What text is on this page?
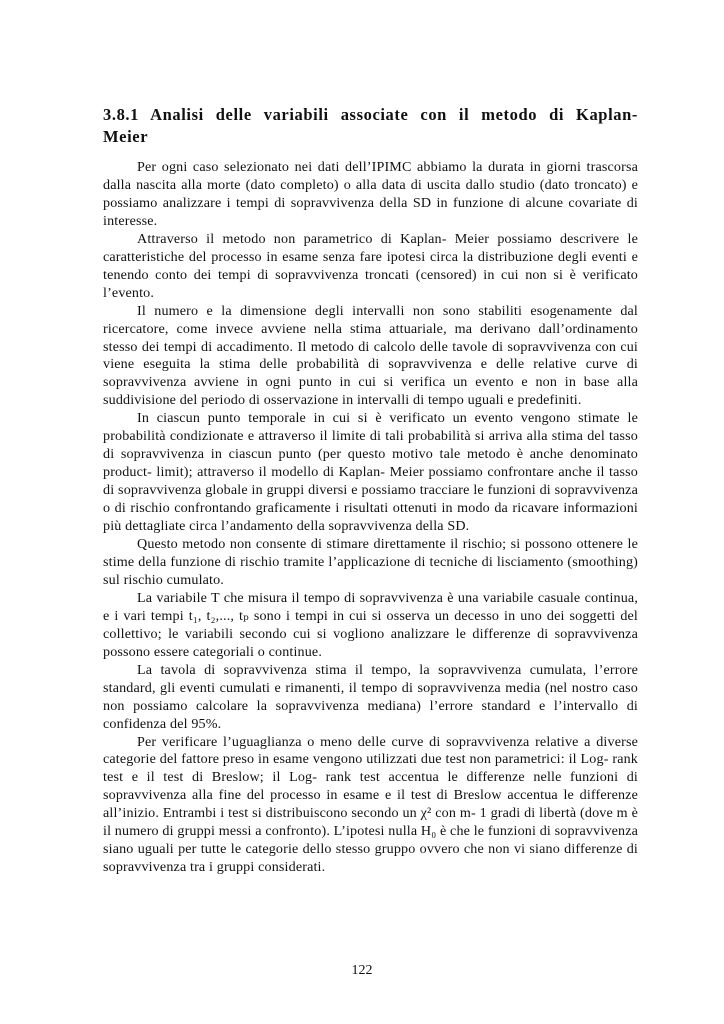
3.8.1 Analisi delle variabili associate con il metodo di Kaplan-Meier

Per ogni caso selezionato nei dati dell’IPIMC abbiamo la durata in giorni trascorsa dalla nascita alla morte (dato completo) o alla data di uscita dallo studio (dato troncato) e possiamo analizzare i tempi di sopravvivenza della SD in funzione di alcune covariate di interesse.

Attraverso il metodo non parametrico di Kaplan- Meier possiamo descrivere le caratteristiche del processo in esame senza fare ipotesi circa la distribuzione degli eventi e tenendo conto dei tempi di sopravvivenza troncati (censored) in cui non si è verificato l’evento.

Il numero e la dimensione degli intervalli non sono stabiliti esogenamente dal ricercatore, come invece avviene nella stima attuariale, ma derivano dall’ordinamento stesso dei tempi di accadimento. Il metodo di calcolo delle tavole di sopravvivenza con cui viene eseguita la stima delle probabilità di sopravvivenza e delle relative curve di sopravvivenza avviene in ogni punto in cui si verifica un evento e non in base alla suddivisione del periodo di osservazione in intervalli di tempo uguali e predefiniti.

In ciascun punto temporale in cui si è verificato un evento vengono stimate le probabilità condizionate e attraverso il limite di tali probabilità si arriva alla stima del tasso di sopravvivenza in ciascun punto (per questo motivo tale metodo è anche denominato product- limit); attraverso il modello di Kaplan- Meier possiamo confrontare anche il tasso di sopravvivenza globale in gruppi diversi e possiamo tracciare le funzioni di sopravvivenza o di rischio confrontando graficamente i risultati ottenuti in modo da ricavare informazioni più dettagliate circa l’andamento della sopravvivenza della SD.

Questo metodo non consente di stimare direttamente il rischio; si possono ottenere le stime della funzione di rischio tramite l’applicazione di tecniche di lisciamento (smoothing) sul rischio cumulato.

La variabile T che misura il tempo di sopravvivenza è una variabile casuale continua, e i vari tempi t₁, t₂,..., tₚ sono i tempi in cui si osserva un decesso in uno dei soggetti del collettivo; le variabili secondo cui si vogliono analizzare le differenze di sopravvivenza possono essere categoriali o continue.

La tavola di sopravvivenza stima il tempo, la sopravvivenza cumulata, l’errore standard, gli eventi cumulati e rimanenti, il tempo di sopravvivenza media (nel nostro caso non possiamo calcolare la sopravvivenza mediana) l’errore standard e l’intervallo di confidenza del 95%.

Per verificare l’uguaglianza o meno delle curve di sopravvivenza relative a diverse categorie del fattore preso in esame vengono utilizzati due test non parametrici: il Log- rank test e il test di Breslow; il Log- rank test accentua le differenze nelle funzioni di sopravvivenza alla fine del processo in esame e il test di Breslow accentua le differenze all’inizio. Entrambi i test si distribuiscono secondo un χ² con m- 1 gradi di libertà (dove m è il numero di gruppi messi a confronto). L’ipotesi nulla H₀ è che le funzioni di sopravvivenza siano uguali per tutte le categorie dello stesso gruppo ovvero che non vi siano differenze di sopravvivenza tra i gruppi considerati.

122
